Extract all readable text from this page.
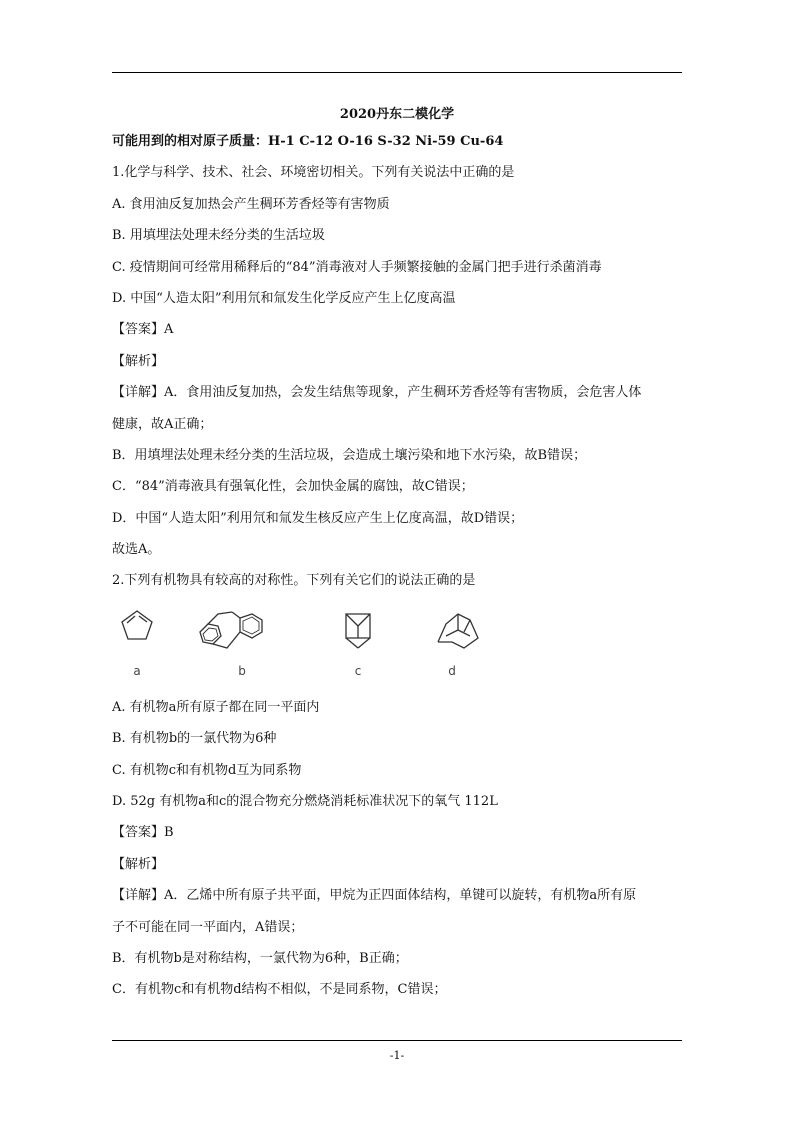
2020丹东二模化学
可能用到的相对原子质量：H-1 C-12 O-16 S-32 Ni-59 Cu-64
1.化学与科学、技术、社会、环境密切相关。下列有关说法中正确的是
A. 食用油反复加热会产生稠环芳香烃等有害物质
B. 用填埋法处理未经分类的生活垃圾
C. 疫情期间可经常用稀释后的“84”消毒液对人手频繁接触的金属门把手进行杀菌消毒
D. 中国“人造太阳”利用氘和氚发生化学反应产生上亿度高温
【答案】A
【解析】
【详解】A．食用油反复加热，会发生结焦等现象，产生稠环芳香烃等有害物质，会危害人体
健康，故A正确；
B．用填埋法处理未经分类的生活垃圾，会造成土壤污染和地下水污染，故B错误；
C．“84”消毒液具有强氧化性，会加快金属的腐蚀，故C错误；
D．中国“人造太阳”利用氘和氚发生核反应产生上亿度高温，故D错误；
故选A。
2.下列有机物具有较高的对称性。下列有关它们的说法正确的是
a	b	c	d
A. 有机物a所有原子都在同一平面内
B. 有机物b的一氯代物为6种
C. 有机物c和有机物d互为同系物
D. 52g 有机物a和c的混合物充分燃烧消耗标准状况下的氧气 112L
【答案】B
【解析】
【详解】A．乙烯中所有原子共平面，甲烷为正四面体结构，单键可以旋转，有机物a所有原
子不可能在同一平面内，A错误；
B．有机物b是对称结构，一氯代物为6种，B正确；
C．有机物c和有机物d结构不相似，不是同系物，C错误；
-1-
